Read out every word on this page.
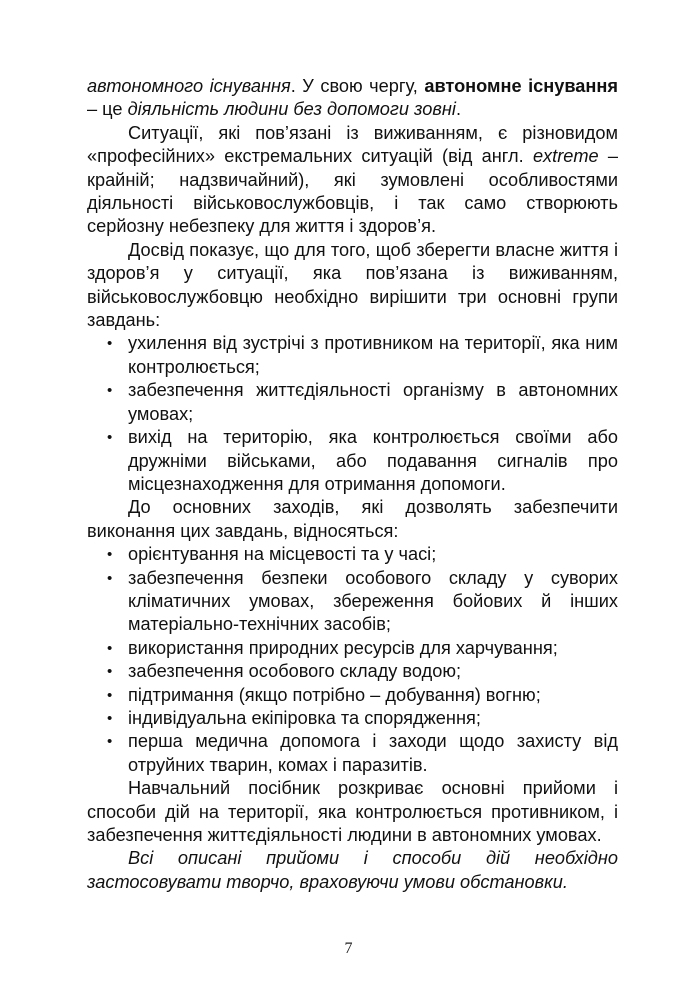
автономного існування. У свою чергу, автономне існування – це діяльність людини без допомоги зовні.

Ситуації, які пов’язані із виживанням, є різновидом «професійних» екстремальних ситуацій (від англ. extreme – крайній; надзвичайний), які зумовлені особливостями діяльності військовослужбовців, і так само створюють серйозну небезпеку для життя і здоров’я.

Досвід показує, що для того, щоб зберегти власне життя і здоров’я у ситуації, яка пов’язана із виживанням, військовослужбовцю необхідно вирішити три основні групи завдань:

• ухилення від зустрічі з противником на території, яка ним контролюється;

• забезпечення життєдіяльності організму в автономних умовах;

• вихід на територію, яка контролюється своїми або дружніми військами, або подавання сигналів про місцезнаходження для отримання допомоги.

До основних заходів, які дозволять забезпечити виконання цих завдань, відносяться:

• орієнтування на місцевості та у часі;

• забезпечення безпеки особового складу у суворих кліматичних умовах, збереження бойових й інших матеріально-технічних засобів;

• використання природних ресурсів для харчування;

• забезпечення особового складу водою;

• підтримання (якщо потрібно – добування) вогню;

• індивідуальна екіпіровка та спорядження;

• перша медична допомога і заходи щодо захисту від отруйних тварин, комах і паразитів.

Навчальний посібник розкриває основні прийоми і способи дій на території, яка контролюється противником, і забезпечення життєдіяльності людини в автономних умовах.

Всі описані прийоми і способи дій необхідно застосовувати творчо, враховуючи умови обстановки.

7
